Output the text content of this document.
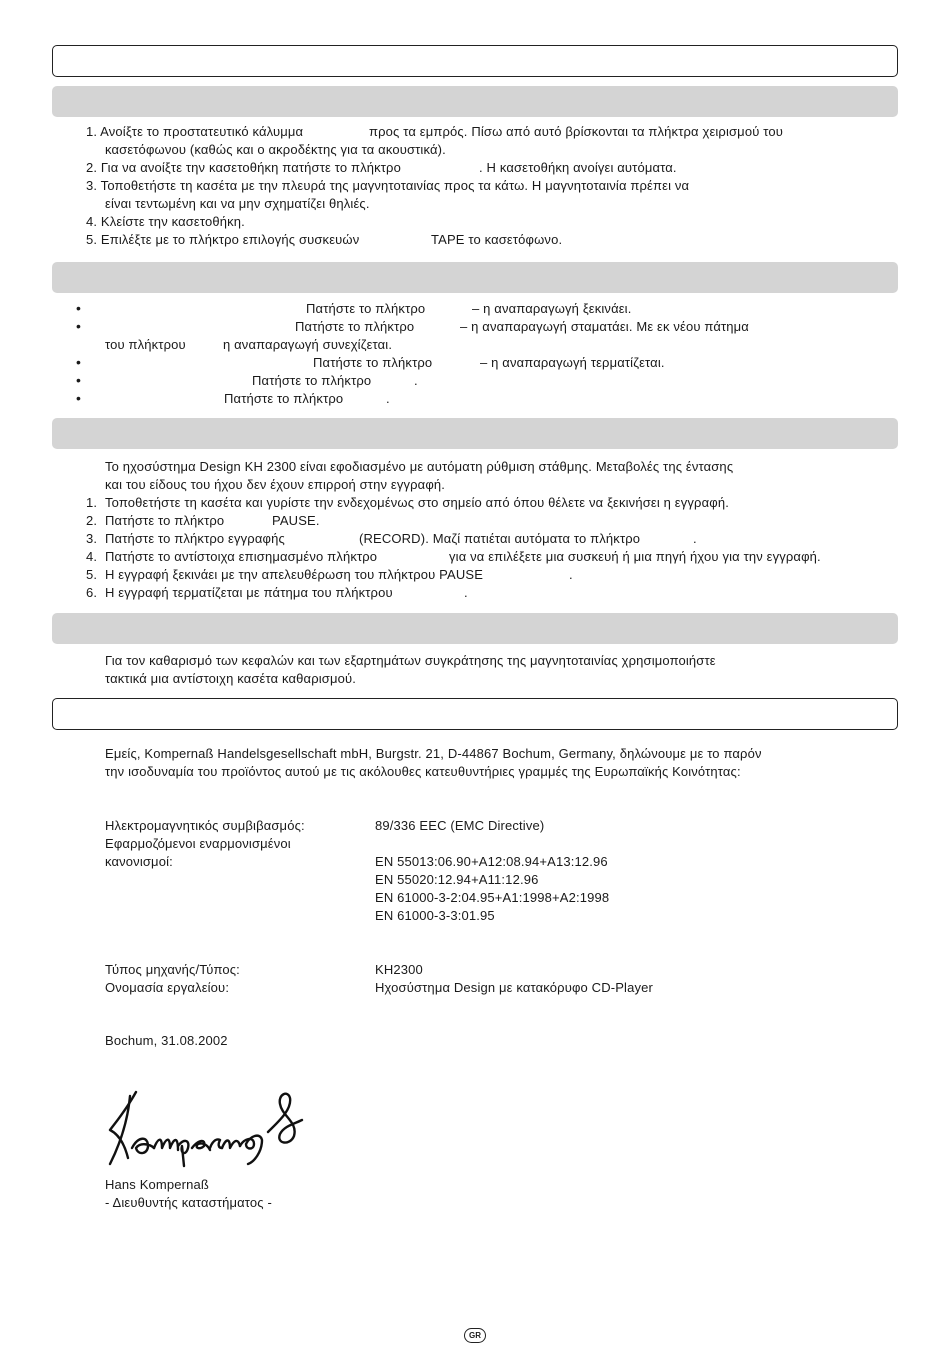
1. Ανοίξτε το προστατευτικό κάλυμμα	προς τα εμπρός. Πίσω από αυτό βρίσκονται τα πλήκτρα χειρισμού του
κασετόφωνου (καθώς και ο ακροδέκτης για τα ακουστικά).
2. Για να ανοίξτε την κασετοθήκη πατήστε το πλήκτρο	. Η κασετοθήκη ανοίγει αυτόματα.
3. Τοποθετήστε τη κασέτα με την πλευρά της μαγνητοταινίας προς τα κάτω. Η μαγνητοταινία πρέπει να
είναι τεντωμένη και να μην σχηματίζει θηλιές.
4. Κλείστε την κασετοθήκη.
5. Επιλέξτε με το πλήκτρο επιλογής συσκευών	TAPE το κασετόφωνο.
•	Πατήστε το πλήκτρο	– η αναπαραγωγή ξεκινάει.
•	Πατήστε το πλήκτρο	– η αναπαραγωγή σταματάει. Με εκ νέου πάτημα
του πλήκτρου	η αναπαραγωγή συνεχίζεται.
•	Πατήστε το πλήκτρο	– η αναπαραγωγή τερματίζεται.
•	Πατήστε το πλήκτρο	.
•	Πατήστε το πλήκτρο	.
Το ηχοσύστημα Design KH 2300 είναι εφοδιασμένο με αυτόματη ρύθμιση στάθμης. Μεταβολές της έντασης
και του είδους του ήχου δεν έχουν επιρροή στην εγγραφή.
1. Τοποθετήστε τη κασέτα και γυρίστε την ενδεχομένως στο σημείο από όπου θέλετε να ξεκινήσει η εγγραφή.
2. Πατήστε το πλήκτρο	PAUSE.
3. Πατήστε το πλήκτρο εγγραφής	(RECORD). Μαζί πατιέται αυτόματα το πλήκτρο	.
4. Πατήστε το αντίστοιχα επισημασμένο πλήκτρο	για να επιλέξετε μια συσκευή ή μια πηγή ήχου για την εγγραφή.
5. Η εγγραφή ξεκινάει με την απελευθέρωση του πλήκτρου PAUSE	.
6. Η εγγραφή τερματίζεται με πάτημα του πλήκτρου	.
Για τον καθαρισμό των κεφαλών και των εξαρτημάτων συγκράτησης της μαγνητοταινίας χρησιμοποιήστε
τακτικά μια αντίστοιχη κασέτα καθαρισμού.
Εμείς, Kompernaß Handelsgesellschaft mbH, Burgstr. 21, D-44867 Bochum, Germany, δηλώνουμε με το παρόν
την ισοδυναμία του προϊόντος αυτού με τις ακόλουθες κατευθυντήριες γραμμές της Ευρωπαϊκής Κοινότητας:
Ηλεκτρομαγνητικός συμβιβασμός:	89/336 EEC (EMC Directive)
Εφαρμοζόμενοι εναρμονισμένοι
κανονισμοί:	EN 55013:06.90+A12:08.94+A13:12.96
EN 55020:12.94+A11:12.96
EN 61000-3-2:04.95+A1:1998+A2:1998
EN 61000-3-3:01.95
Τύπος μηχανής/Τύπος:	KH2300
Ονομασία εργαλείου:	Ηχοσύστημα Design με κατακόρυφο CD-Player
Bochum, 31.08.2002
Hans Kompernaß
- Διευθυντής καταστήματος -
GR
